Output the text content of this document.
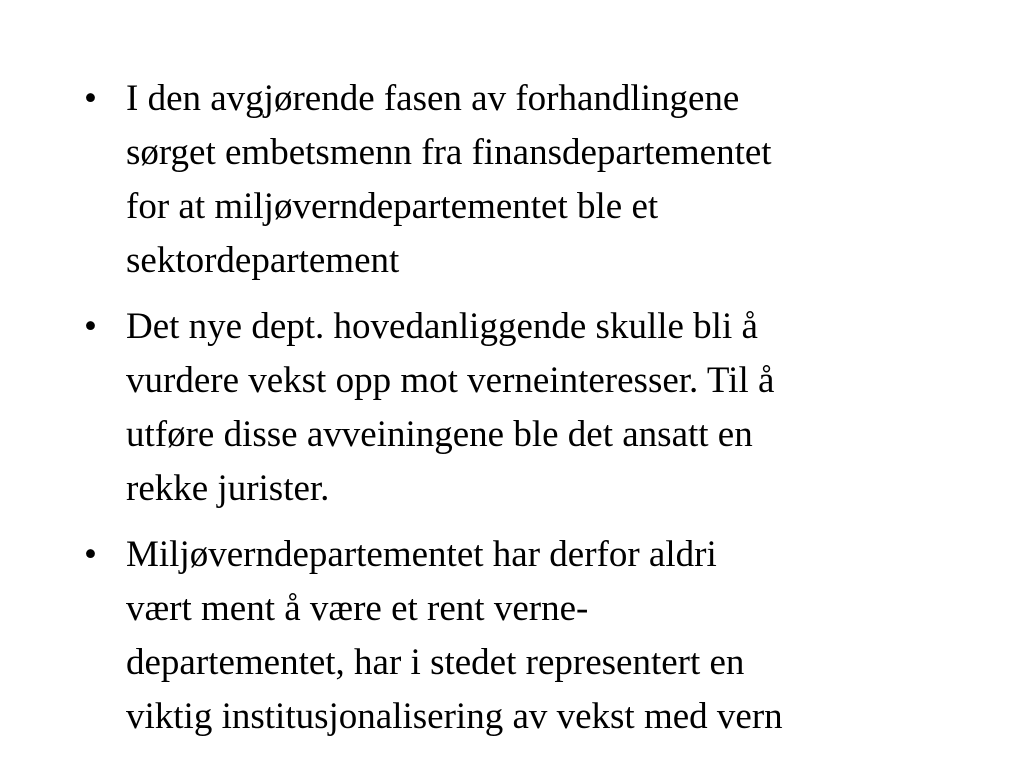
• I den avgjørende fasen av forhandlingene
sørget embetsmenn fra finansdepartementet
for at miljøverndepartementet ble et
sektordepartement
• Det nye dept. hovedanliggende skulle bli å
vurdere vekst opp mot verneinteresser. Til å
utføre disse avveiningene ble det ansatt en
rekke jurister.
• Miljøverndepartementet har derfor aldri
vært ment å være et rent verne-
departementet, har i stedet representert en
viktig institusjonalisering av vekst med vern
